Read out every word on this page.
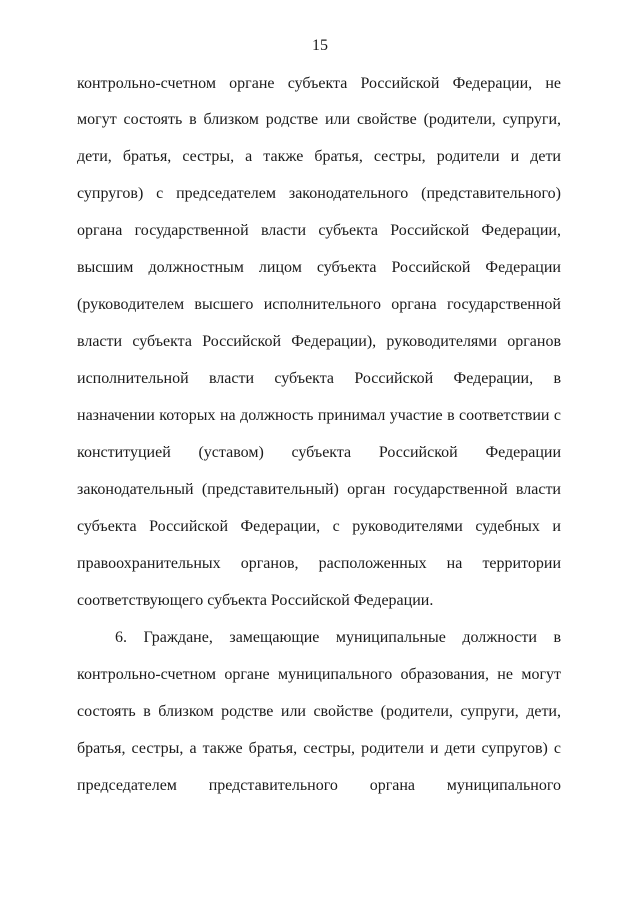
15
контрольно-счетном органе субъекта Российской Федерации, не
могут состоять в близком родстве или свойстве (родители, супруги,
дети, братья, сестры, а также братья, сестры, родители и дети
супругов) с председателем законодательного (представительного)
органа государственной власти субъекта Российской Федерации,
высшим должностным лицом субъекта Российской Федерации
(руководителем высшего исполнительного органа государственной
власти субъекта Российской Федерации), руководителями органов
исполнительной власти субъекта Российской Федерации, в
назначении которых на должность принимал участие в соответствии с
конституцией (уставом) субъекта Российской Федерации
законодательный (представительный) орган государственной власти
субъекта Российской Федерации, с руководителями судебных и
правоохранительных органов, расположенных на территории
соответствующего субъекта Российской Федерации.
6. Граждане, замещающие муниципальные должности в
контрольно-счетном органе муниципального образования, не могут
состоять в близком родстве или свойстве (родители, супруги, дети,
братья, сестры, а также братья, сестры, родители и дети супругов) с
председателем представительного органа муниципального
